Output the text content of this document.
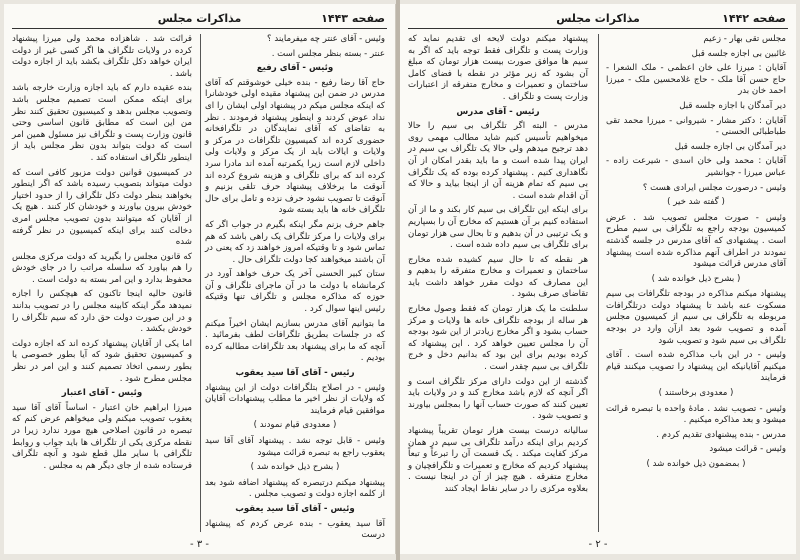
صفحه ۱۴۴۳
مذاکرات مجلس

وئیس - آقای عنتر چه میفرمایند ؟

عنتر - بسته بنظر مجلس است .

وئیس - آقای رفیع

حاج آقا رضا رفیع - بنده خیلی خوشوقتم که آقای مدرس در ضمن این پیشنهاد مقیده اولی خودشانرا که اینکه مجلس میکم در پیشنهاد اولی ایشان را ای نداد عوض کردند و اینطور پیشنهاد فرمودند . نظر به تقاضای که آقای نمایندگان در تلگرافخانه حضوری کرده اند کمیسیون تلگرافات در مرکز و ولایات و ایالات باید از یک مرکز و ولایات ولی داخلی لازم است زیرا یکمرتبه آمده اند مادرا سرد کرده اند که برای تلگراف و هزینه شروع کرده اند آنوقت ما برخلاف پیشنهاد حرف تلقی بزنیم و آنوقت تا تصویب نشود حرف نزده و تامل برای حال تلگراف خانه ها باید بسته شود

جاهم حرف بزنم مگر اینکه بگیرم در جواب اگر که برای ولایات را مرکز تلگراف یک راهی باشد که هم تماس شود و تا وقتیکه امروز خواهند زد که یعنی در آن باشند میخواهند کجا دولت تلگراف حال .

ستان کبیر الحسنی آخر یک حرف خواهد آورد در کرمانشاه با دولت ما در آن ماجرای تلگراف و آن حوزه که مذاکره مجلس و تلگراف تنها وقتیکه رئیس اینها سوال کرد .

ما بتوانیم آقای مدرس بسازیم ایشان اخیراً میکنم که در جلسات بطریق تلگرافات لطف بفرمائید . آنچه که ما برای پیشنهاد بعد تلگرافات مطالبه کرده بودیم .

رئیس - آقای آقا سید یعقوب

وئیس - در اصلاح بتلگرافات دولت از این پیشنهاد که ولایات از نظر اخیر ما مطلب پیشنهادات آقایان موافقین قیام فرمایند

( معدودی قیام نمودند )

وئیس - قابل توجه نشد . پیشنهاد آقای آقا سید یعقوب راجع به تبصره قرائت میشود

( بشرح ذیل خوانده شد )

پیشنهاد میکنم درتبصره که پیشنهاد اضافه شود بعد از کلمه اجازه دولت و تصویب مجلس .

وئیس - آقای آقا سید یعقوب

آقا سید یعقوب - بنده عرض کردم که پیشنهاد درست

قرائت شد . شاهزاده محمد ولی میرزا پیشنهاد کرده در ولایات تلگراف ها اگر کسی غیر از دولت ایران خواهد دکل تلگراف بکشد باید از اجازه دولت باشد .

بنده عقیده دارم که باید اجازه وزارت خارجه باشد برای اینکه ممکن است تصمیم مجلس باشد وتصویب مجلس بدهد و کمیسیون تحقیق کنند نظر من این است که مطابق قانون اساسی وحتی قانون وزارت پست و تلگراف نیز مسئول همین امر است که دولت بتواند بدون نظر مجلس باید از اینطور تلگراف استفاده کند .

در کمیسیون قوانین دولت مزبور کافی است که دولت میتواند بتصویب رسیده باشد که اگر اینطور بخواهند بنظر دولت دکل تلگراف را از حدود اختیار خودش بیرون بیاورند و خودشان کار کنند . هیچ یک از آقایان که میتوانند بدون تصویب مجلس امری دخالت کنند برای اینکه کمیسیون در نظر گرفته شده

که قانون مجلس را بگیرید که دولت مرکزی مجلس را هم بیاورد که سلسله مراتب را در جای خودش محفوظ بدارد و این امر بسته به دولت است .

قانون حالیه اینجا تاکنون که هیچکس را اجازه نمیدهد مگر اینکه کابینه مجلس را در تصویب بدانند و در این صورت دولت حق دارد که سیم تلگراف را خودش بکشد .

اما یکی از آقایان پیشنهاد کرده اند که اجازه دولت و کمیسیون تحقیق شود که آیا بطور خصوصی یا بطور رسمی اتخاذ تصمیم کنند و این امر در نظر مجلس مطرح شود .

وئیس - آقای اعتبار

میرزا ابراهیم خان اعتبار - اساساً آقای آقا سید یعقوب تصویب میکنم ولی میخواهم عرض کنم که تبصره در قانون اصلاحی هیچ مورد ندارد زیرا در نقطه مرکزی یکی از تلگراف ها باید جواب و روابط تلگرافی با سایر ملل قطع شود و آنچه تلگراف فرستاده شده از جای دیگر هم به مجلس .

- ۳ -
صفحه ۱۴۴۲
مذاکرات مجلس

مجلس تقی بهار - زعیم

غائبین بی اجازه جلسه قبل

آقایان : میرزا علی خان اعظمی - ملک الشعرا - حاج حسن آقا ملک - حاج غلامحسین ملک - میرزا احمد خان بدر

دیر آمدگان با اجازه جلسه قبل

آقایان : دکتر مشار - شیروانی - میرزا محمد تقی طباطبائی الحسنی -

دیر آمدگان بی اجازه جلسه قبل

آقایان : محمد ولی خان اسدی - شیرعت زاده - عباس میرزا - جوانشیر

وئیس - درصورت مجلس ایرادی هست ؟

( گفته شد خیر )

وئیس - صورت مجلس تصویب شد . عرض کمیسیون بودجه راجع به تلگراف بی سیم مطرح است . پیشنهادی که آقای مدرس در جلسه گذشته نمودند در اطراف آنهم مذاکره شده است پیشنهاد آقای مدرس قرائت میشود

( بشرح ذیل خوانده شد )

پیشنهاد میکنم مذاکره در بودجه تلگرافات بی سیم مسکوت عنه باشد تا پیشنهاد دولت درتلگرافات مربوطه به تلگراف بی سیم از کمیسیون مجلس آمده و تصویب شود بعد ازآن وارد در بودجه تلگراف بی سیم شود و تصویب شود

وئیس - در این باب مذاکره شده است . آقای میکنیم آقایانیکه این پیشنهاد را تصویب میکنند قیام فرمایند

( معدودی برخاستند )

وئیس - تصویب نشد . مادهٔ واحده با تبصره قرائت میشود و بعد مذاکره میکنیم .

مدرس - بنده پیشنهادی تقدیم کردم .

وئیس - قرائت میشود

( بمضمون ذیل خوانده شد )

پیشنهاد میکنم دولت لایحه ای تقدیم نماید که وزارت پست و تلگراف فقط توجه باید که اگر به سیم ها موافق صورت بیست هزار تومان که مبلغ آن بشود که زیر مؤثر در نقطه با فضای کامل ساختمان و تعمیرات و مخارج متفرقه از اعتبارات وزارت پست و تلگراف .

رئیس - آقای مدرس

مدرس - البته اگر تلگراف بی سیم را حالا میخواهیم تأسیس کنیم شاید مطالب مهمی روی دهد ترجیح میدهم ولی حالا یک تلگراف بی سیم در ایران پیدا شده است و ما باید بقدر امکان از آن نگاهداری کنیم . پیشنهاد کرده بوده که یک تلگراف بی سیم که تمام هزینه آن از اینجا بیاید و حالا که آن اقدام شده است .

برای اینکه این تلگراف بی سیم کار بکند و ما از آن استفاده کنیم بر آن هستیم که مخارج آن را بسپاریم و یک ترتیبی در آن بدهیم و تا بحال سی هزار تومان برای تلگراف بی سیم داده شده است .

هر نقطه که تا حال سیم کشیده شده مخارج ساختمان و تعمیرات و مخارج متفرقه را بدهیم و این مصارف که دولت مقرر خواهد داشت باید تقاضای صرف بشود .

سلطنت ما یک هزار تومان که فقط وصول مخارج هر ساله از بودجه تلگراف خانه ها ولایات و مرکز حساب بشود و اگر مخارج زیادتر از این شود بودجه آن را مجلس تعیین خواهد کرد . این پیشنهاد که کرده بودیم برای این بود که بدانیم دخل و خرج تلگراف بی سیم چقدر است .

گذشته از این دولت دارای مرکز تلگراف است و اگر آنچه که لازم باشد مخارج کند و در ولایات باید تعیین کنند که صورت حساب آنها را بمجلس بیاورند و تصویب شود .

سالیانه درست بیست هزار تومان تقریباً پیشنهاد کردیم برای اینکه درآمد تلگراف بی سیم در همان مرکز کفایت میکند . یک قسمت آن را تبرعاً و تبعاً پیشنهاد کردیم که مخارج و تعمیرات و تلگرافچیان و مخارج متفرقه . هیچ چیز از آن در اینجا نیست . بعلاوه مرکزی را در سایر نقاط ایجاد کنند

- ۲ -
